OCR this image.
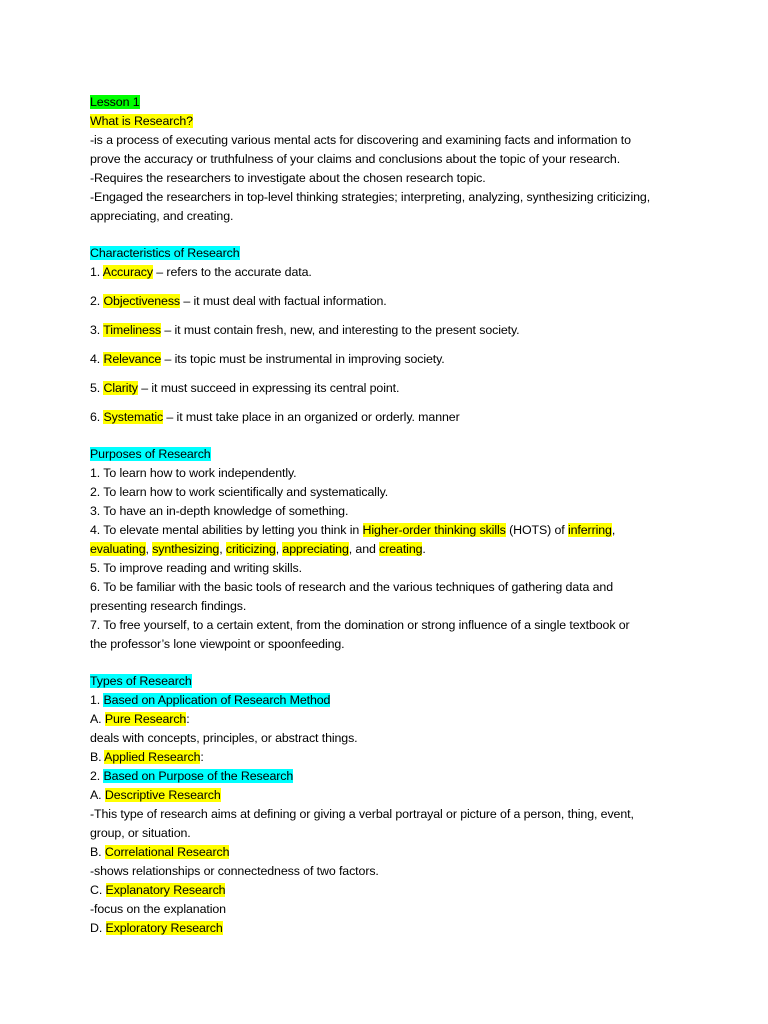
Lesson 1
What is Research?
-is a process of executing various mental acts for discovering and examining facts and information to
prove the accuracy or truthfulness of your claims and conclusions about the topic of your research.
-Requires the researchers to investigate about the chosen research topic.
-Engaged the researchers in top-level thinking strategies; interpreting, analyzing, synthesizing criticizing,
appreciating, and creating.
Characteristics of Research
1. Accuracy – refers to the accurate data.
2. Objectiveness – it must deal with factual information.
3. Timeliness – it must contain fresh, new, and interesting to the present society.
4. Relevance – its topic must be instrumental in improving society.
5. Clarity – it must succeed in expressing its central point.
6. Systematic – it must take place in an organized or orderly. manner
Purposes of Research
1. To learn how to work independently.
2. To learn how to work scientifically and systematically.
3. To have an in-depth knowledge of something.
4. To elevate mental abilities by letting you think in Higher-order thinking skills (HOTS) of inferring,
evaluating, synthesizing, criticizing, appreciating, and creating.
5. To improve reading and writing skills.
6. To be familiar with the basic tools of research and the various techniques of gathering data and
presenting research findings.
7. To free yourself, to a certain extent, from the domination or strong influence of a single textbook or
the professor’s lone viewpoint or spoonfeeding.
Types of Research
1. Based on Application of Research Method
A. Pure Research:
deals with concepts, principles, or abstract things.
B. Applied Research:
2. Based on Purpose of the Research
A. Descriptive Research
-This type of research aims at defining or giving a verbal portrayal or picture of a person, thing, event,
group, or situation.
B. Correlational Research
-shows relationships or connectedness of two factors.
C. Explanatory Research
-focus on the explanation
D. Exploratory Research
